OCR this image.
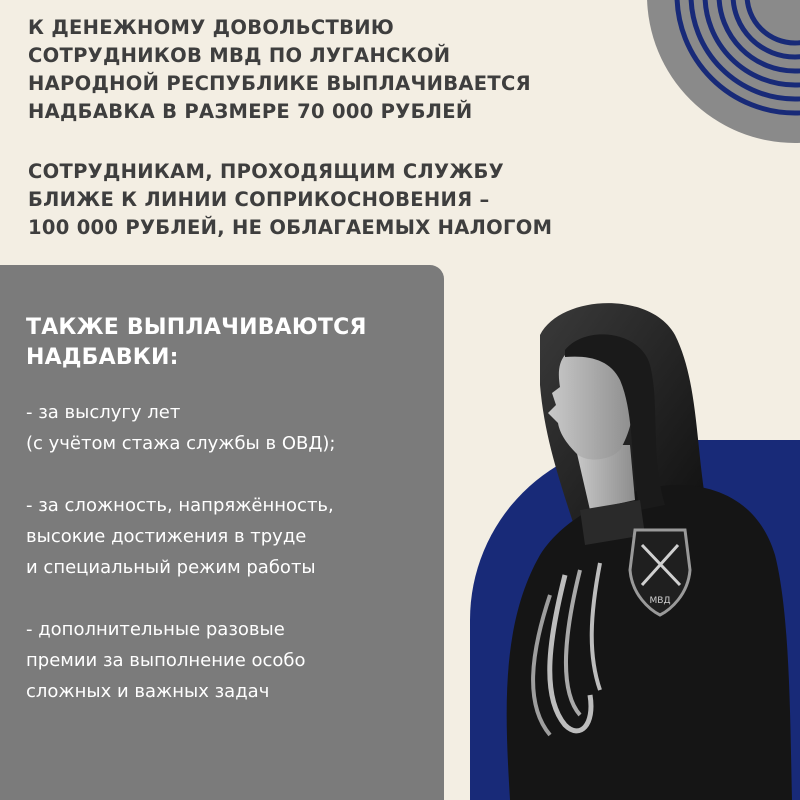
К ДЕНЕЖНОМУ ДОВОЛЬСТВИЮ
СОТРУДНИКОВ МВД ПО ЛУГАНСКОЙ
НАРОДНОЙ РЕСПУБЛИКЕ ВЫПЛАЧИВАЕТСЯ
НАДБАВКА В РАЗМЕРЕ 70 000 РУБЛЕЙ
СОТРУДНИКАМ, ПРОХОДЯЩИМ СЛУЖБУ
БЛИЖЕ К ЛИНИИ СОПРИКОСНОВЕНИЯ –
100 000 РУБЛЕЙ, НЕ ОБЛАГАЕМЫХ НАЛОГОМ
МВД
ТАКЖЕ ВЫПЛАЧИВАЮТСЯ
НАДБАВКИ:
- за выслугу лет
(с учётом стажа службы в ОВД);
- за сложность, напряжённость,
высокие достижения в труде
и специальный режим работы
- дополнительные разовые
премии за выполнение особо
сложных и важных задач
